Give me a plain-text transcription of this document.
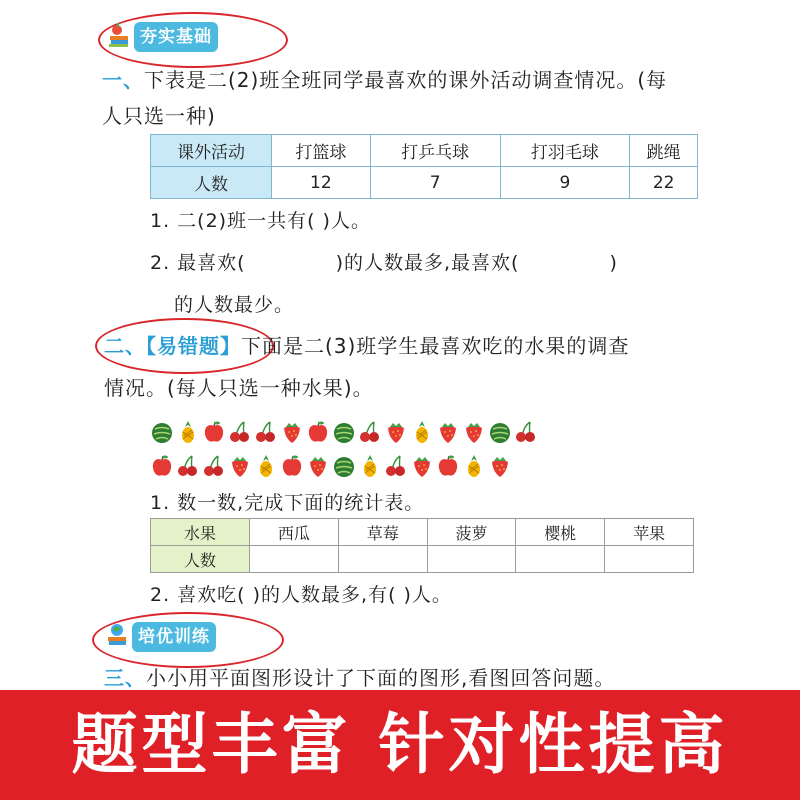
夯实基础
一、下表是二(2)班全班同学最喜欢的课外活动调查情况。(每
人只选一种)
课外活动	打篮球	打乒乓球	打羽毛球	跳绳
人数	12	7	9	22
1. 二(2)班一共有( )人。
2. 最喜欢(	)的人数最多,最喜欢(	)
的人数最少。
二、【易错题】下面是二(3)班学生最喜欢吃的水果的调查
情况。(每人只选一种水果)。
1. 数一数,完成下面的统计表。
水果	西瓜	草莓	菠萝	樱桃	苹果
人数					
2. 喜欢吃( )的人数最多,有( )人。
培优训练
三、小小用平面图形设计了下面的图形,看图回答问题。
题型丰富 针对性提高
